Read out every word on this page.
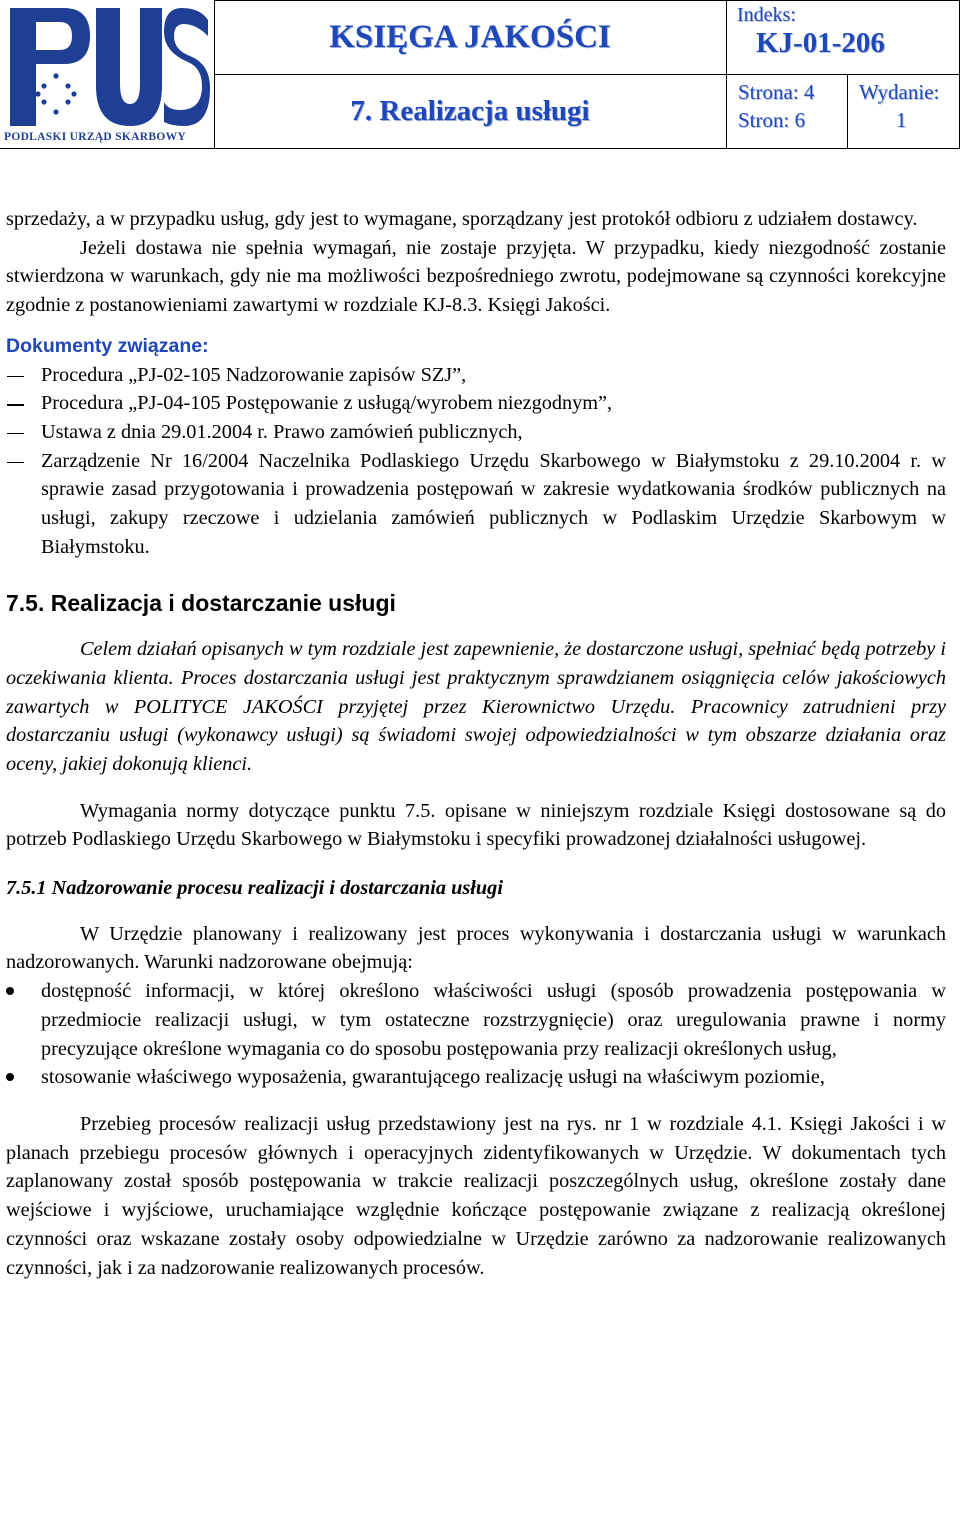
PODLASKI URZĄD SKARBOWY
KSIĘGA JAKOŚCI
7. Realizacja usługi
Indeks:
KJ-01-206
Strona: 4
Stron: 6
Wydanie:
1

sprzedaży, a w przypadku usług, gdy jest to wymagane, sporządzany jest protokół odbioru z udziałem dostawcy.

Jeżeli dostawa nie spełnia wymagań, nie zostaje przyjęta. W przypadku, kiedy niezgodność zostanie stwierdzona w warunkach, gdy nie ma możliwości bezpośredniego zwrotu, podejmowane są czynności korekcyjne zgodnie z postanowieniami zawartymi w rozdziale KJ-8.3. Księgi Jakości.

Dokumenty związane:

Procedura „PJ-02-105 Nadzorowanie zapisów SZJ”,
Procedura „PJ-04-105 Postępowanie z usługą/wyrobem niezgodnym”,
Ustawa z dnia 29.01.2004 r. Prawo zamówień publicznych,
Zarządzenie Nr 16/2004 Naczelnika Podlaskiego Urzędu Skarbowego w Białymstoku z 29.10.2004 r. w sprawie zasad przygotowania i prowadzenia postępowań w zakresie wydatkowania środków publicznych na usługi, zakupy rzeczowe i udzielania zamówień publicznych w Podlaskim Urzędzie Skarbowym w Białymstoku.

7.5. Realizacja i dostarczanie usługi

Celem działań opisanych w tym rozdziale jest zapewnienie, że dostarczone usługi, spełniać będą potrzeby i oczekiwania klienta. Proces dostarczania usługi jest praktycznym sprawdzianem osiągnięcia celów jakościowych zawartych w POLITYCE JAKOŚCI przyjętej przez Kierownictwo Urzędu. Pracownicy zatrudnieni przy dostarczaniu usługi (wykonawcy usługi) są świadomi swojej odpowiedzialności w tym obszarze działania oraz oceny, jakiej dokonują klienci.

Wymagania normy dotyczące punktu 7.5. opisane w niniejszym rozdziale Księgi dostosowane są do potrzeb Podlaskiego Urzędu Skarbowego w Białymstoku i specyfiki prowadzonej działalności usługowej.

7.5.1 Nadzorowanie procesu realizacji i dostarczania usługi

W Urzędzie planowany i realizowany jest proces wykonywania i dostarczania usługi w warunkach nadzorowanych. Warunki nadzorowane obejmują:

dostępność informacji, w której określono właściwości usługi (sposób prowadzenia postępowania w przedmiocie realizacji usługi, w tym ostateczne rozstrzygnięcie) oraz uregulowania prawne i normy precyzujące określone wymagania co do sposobu postępowania przy realizacji określonych usług,
stosowanie właściwego wyposażenia, gwarantującego realizację usługi na właściwym poziomie,

Przebieg procesów realizacji usług przedstawiony jest na rys. nr 1 w rozdziale 4.1. Księgi Jakości i w planach przebiegu procesów głównych i operacyjnych zidentyfikowanych w Urzędzie. W dokumentach tych zaplanowany został sposób postępowania w trakcie realizacji poszczególnych usług, określone zostały dane wejściowe i wyjściowe, uruchamiające względnie kończące postępowanie związane z realizacją określonej czynności oraz wskazane zostały osoby odpowiedzialne w Urzędzie zarówno za nadzorowanie realizowanych czynności, jak i za nadzorowanie realizowanych procesów.
